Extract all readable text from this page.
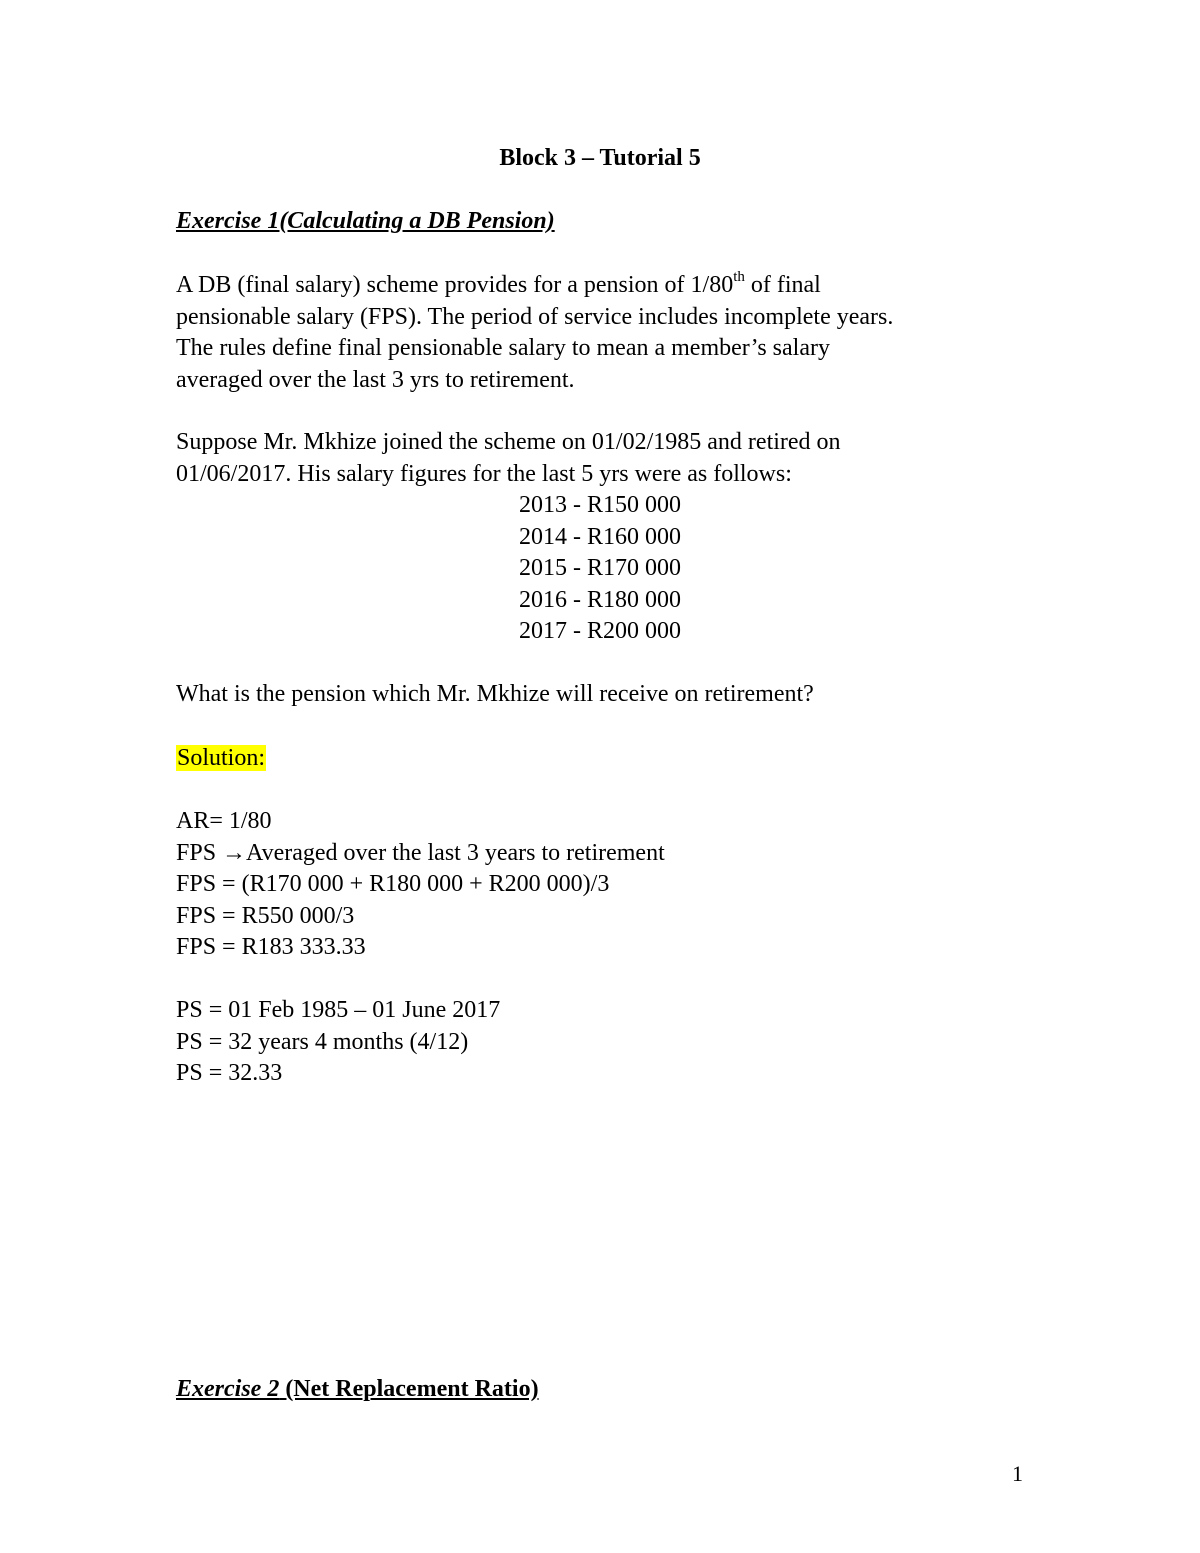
Block 3 – Tutorial 5
Exercise 1(Calculating a DB Pension)
A DB (final salary) scheme provides for a pension of 1/80th of final
pensionable salary (FPS). The period of service includes incomplete years.
The rules define final pensionable salary to mean a member’s salary
averaged over the last 3 yrs to retirement.
Suppose Mr. Mkhize joined the scheme on 01/02/1985 and retired on
01/06/2017. His salary figures for the last 5 yrs were as follows:
2013 - R150 000
2014 - R160 000
2015 - R170 000
2016 - R180 000
2017 - R200 000
What is the pension which Mr. Mkhize will receive on retirement?
Solution:
AR= 1/80
FPS →Averaged over the last 3 years to retirement
FPS = (R170 000 + R180 000 + R200 000)/3
FPS = R550 000/3
FPS = R183 333.33
PS = 01 Feb 1985 – 01 June 2017
PS = 32 years 4 months (4/12)
PS = 32.33
Exercise 2 (Net Replacement Ratio)
1
